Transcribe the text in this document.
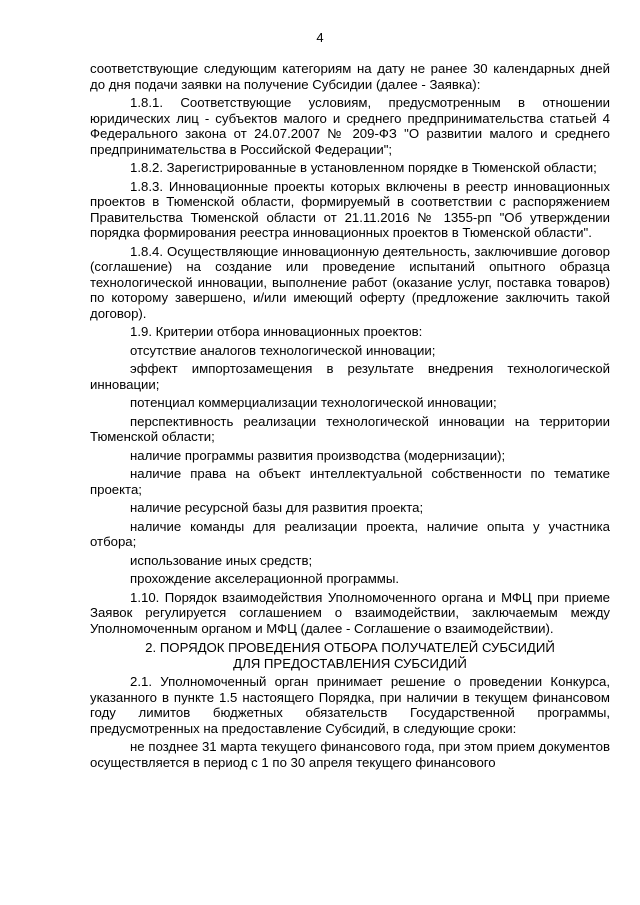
4

соответствующие следующим категориям на дату не ранее 30 календарных дней до дня подачи заявки на получение Субсидии (далее - Заявка):

1.8.1. Соответствующие условиям, предусмотренным в отношении юридических лиц - субъектов малого и среднего предпринимательства статьей 4 Федерального закона от 24.07.2007 № 209-ФЗ "О развитии малого и среднего предпринимательства в Российской Федерации";

1.8.2. Зарегистрированные в установленном порядке в Тюменской области;

1.8.3. Инновационные проекты которых включены в реестр инновационных проектов в Тюменской области, формируемый в соответствии с распоряжением Правительства Тюменской области от 21.11.2016 № 1355-рп "Об утверждении порядка формирования реестра инновационных проектов в Тюменской области".

1.8.4. Осуществляющие инновационную деятельность, заключившие договор (соглашение) на создание или проведение испытаний опытного образца технологической инновации, выполнение работ (оказание услуг, поставка товаров) по которому завершено, и/или имеющий оферту (предложение заключить такой договор).

1.9. Критерии отбора инновационных проектов:

отсутствие аналогов технологической инновации;

эффект импортозамещения в результате внедрения технологической инновации;

потенциал коммерциализации технологической инновации;

перспективность реализации технологической инновации на территории Тюменской области;

наличие программы развития производства (модернизации);

наличие права на объект интеллектуальной собственности по тематике проекта;

наличие ресурсной базы для развития проекта;

наличие команды для реализации проекта, наличие опыта у участника отбора;

использование иных средств;

прохождение акселерационной программы.

1.10. Порядок взаимодействия Уполномоченного органа и МФЦ при приеме Заявок регулируется соглашением о взаимодействии, заключаемым между Уполномоченным органом и МФЦ (далее - Соглашение о взаимодействии).

2. ПОРЯДОК ПРОВЕДЕНИЯ ОТБОРА ПОЛУЧАТЕЛЕЙ СУБСИДИЙ
ДЛЯ ПРЕДОСТАВЛЕНИЯ СУБСИДИЙ

2.1. Уполномоченный орган принимает решение о проведении Конкурса, указанного в пункте 1.5 настоящего Порядка, при наличии в текущем финансовом году лимитов бюджетных обязательств Государственной программы, предусмотренных на предоставление Субсидий, в следующие сроки:

не позднее 31 марта текущего финансового года, при этом прием документов осуществляется в период с 1 по 30 апреля текущего финансового
